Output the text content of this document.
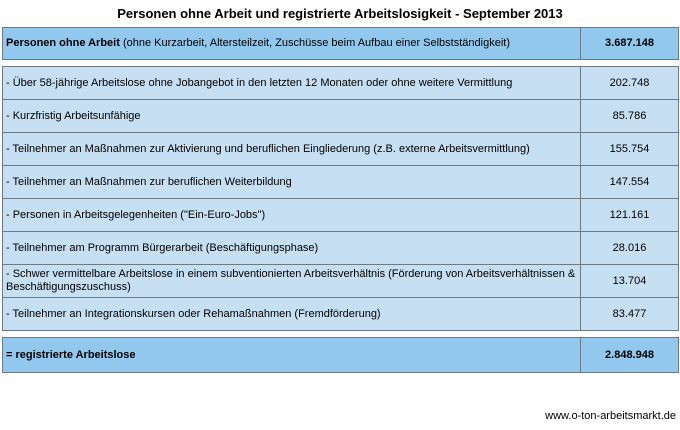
Personen ohne Arbeit und registrierte Arbeitslosigkeit - September 2013
Personen ohne Arbeit (ohne Kurzarbeit, Altersteilzeit, Zuschüsse beim Aufbau einer Selbstständigkeit)	3.687.148

- Über 58-jährige Arbeitslose ohne Jobangebot in den letzten 12 Monaten oder ohne weitere Vermittlung	202.748
- Kurzfristig Arbeitsunfähige	85.786
- Teilnehmer an Maßnahmen zur Aktivierung und beruflichen Eingliederung (z.B. externe Arbeitsvermittlung)	155.754
- Teilnehmer an Maßnahmen zur beruflichen Weiterbildung	147.554
- Personen in Arbeitsgelegenheiten ("Ein-Euro-Jobs")	121.161
- Teilnehmer am Programm Bürgerarbeit (Beschäftigungsphase)	28.016
- Schwer vermittelbare Arbeitslose in einem subventionierten Arbeitsverhältnis (Förderung von Arbeitsverhältnissen & Beschäftigungszuschuss)	13.704
- Teilnehmer an Integrationskursen oder Rehamaßnahmen (Fremdförderung)	83.477

= registrierte Arbeitslose	2.848.948
www.o-ton-arbeitsmarkt.de
